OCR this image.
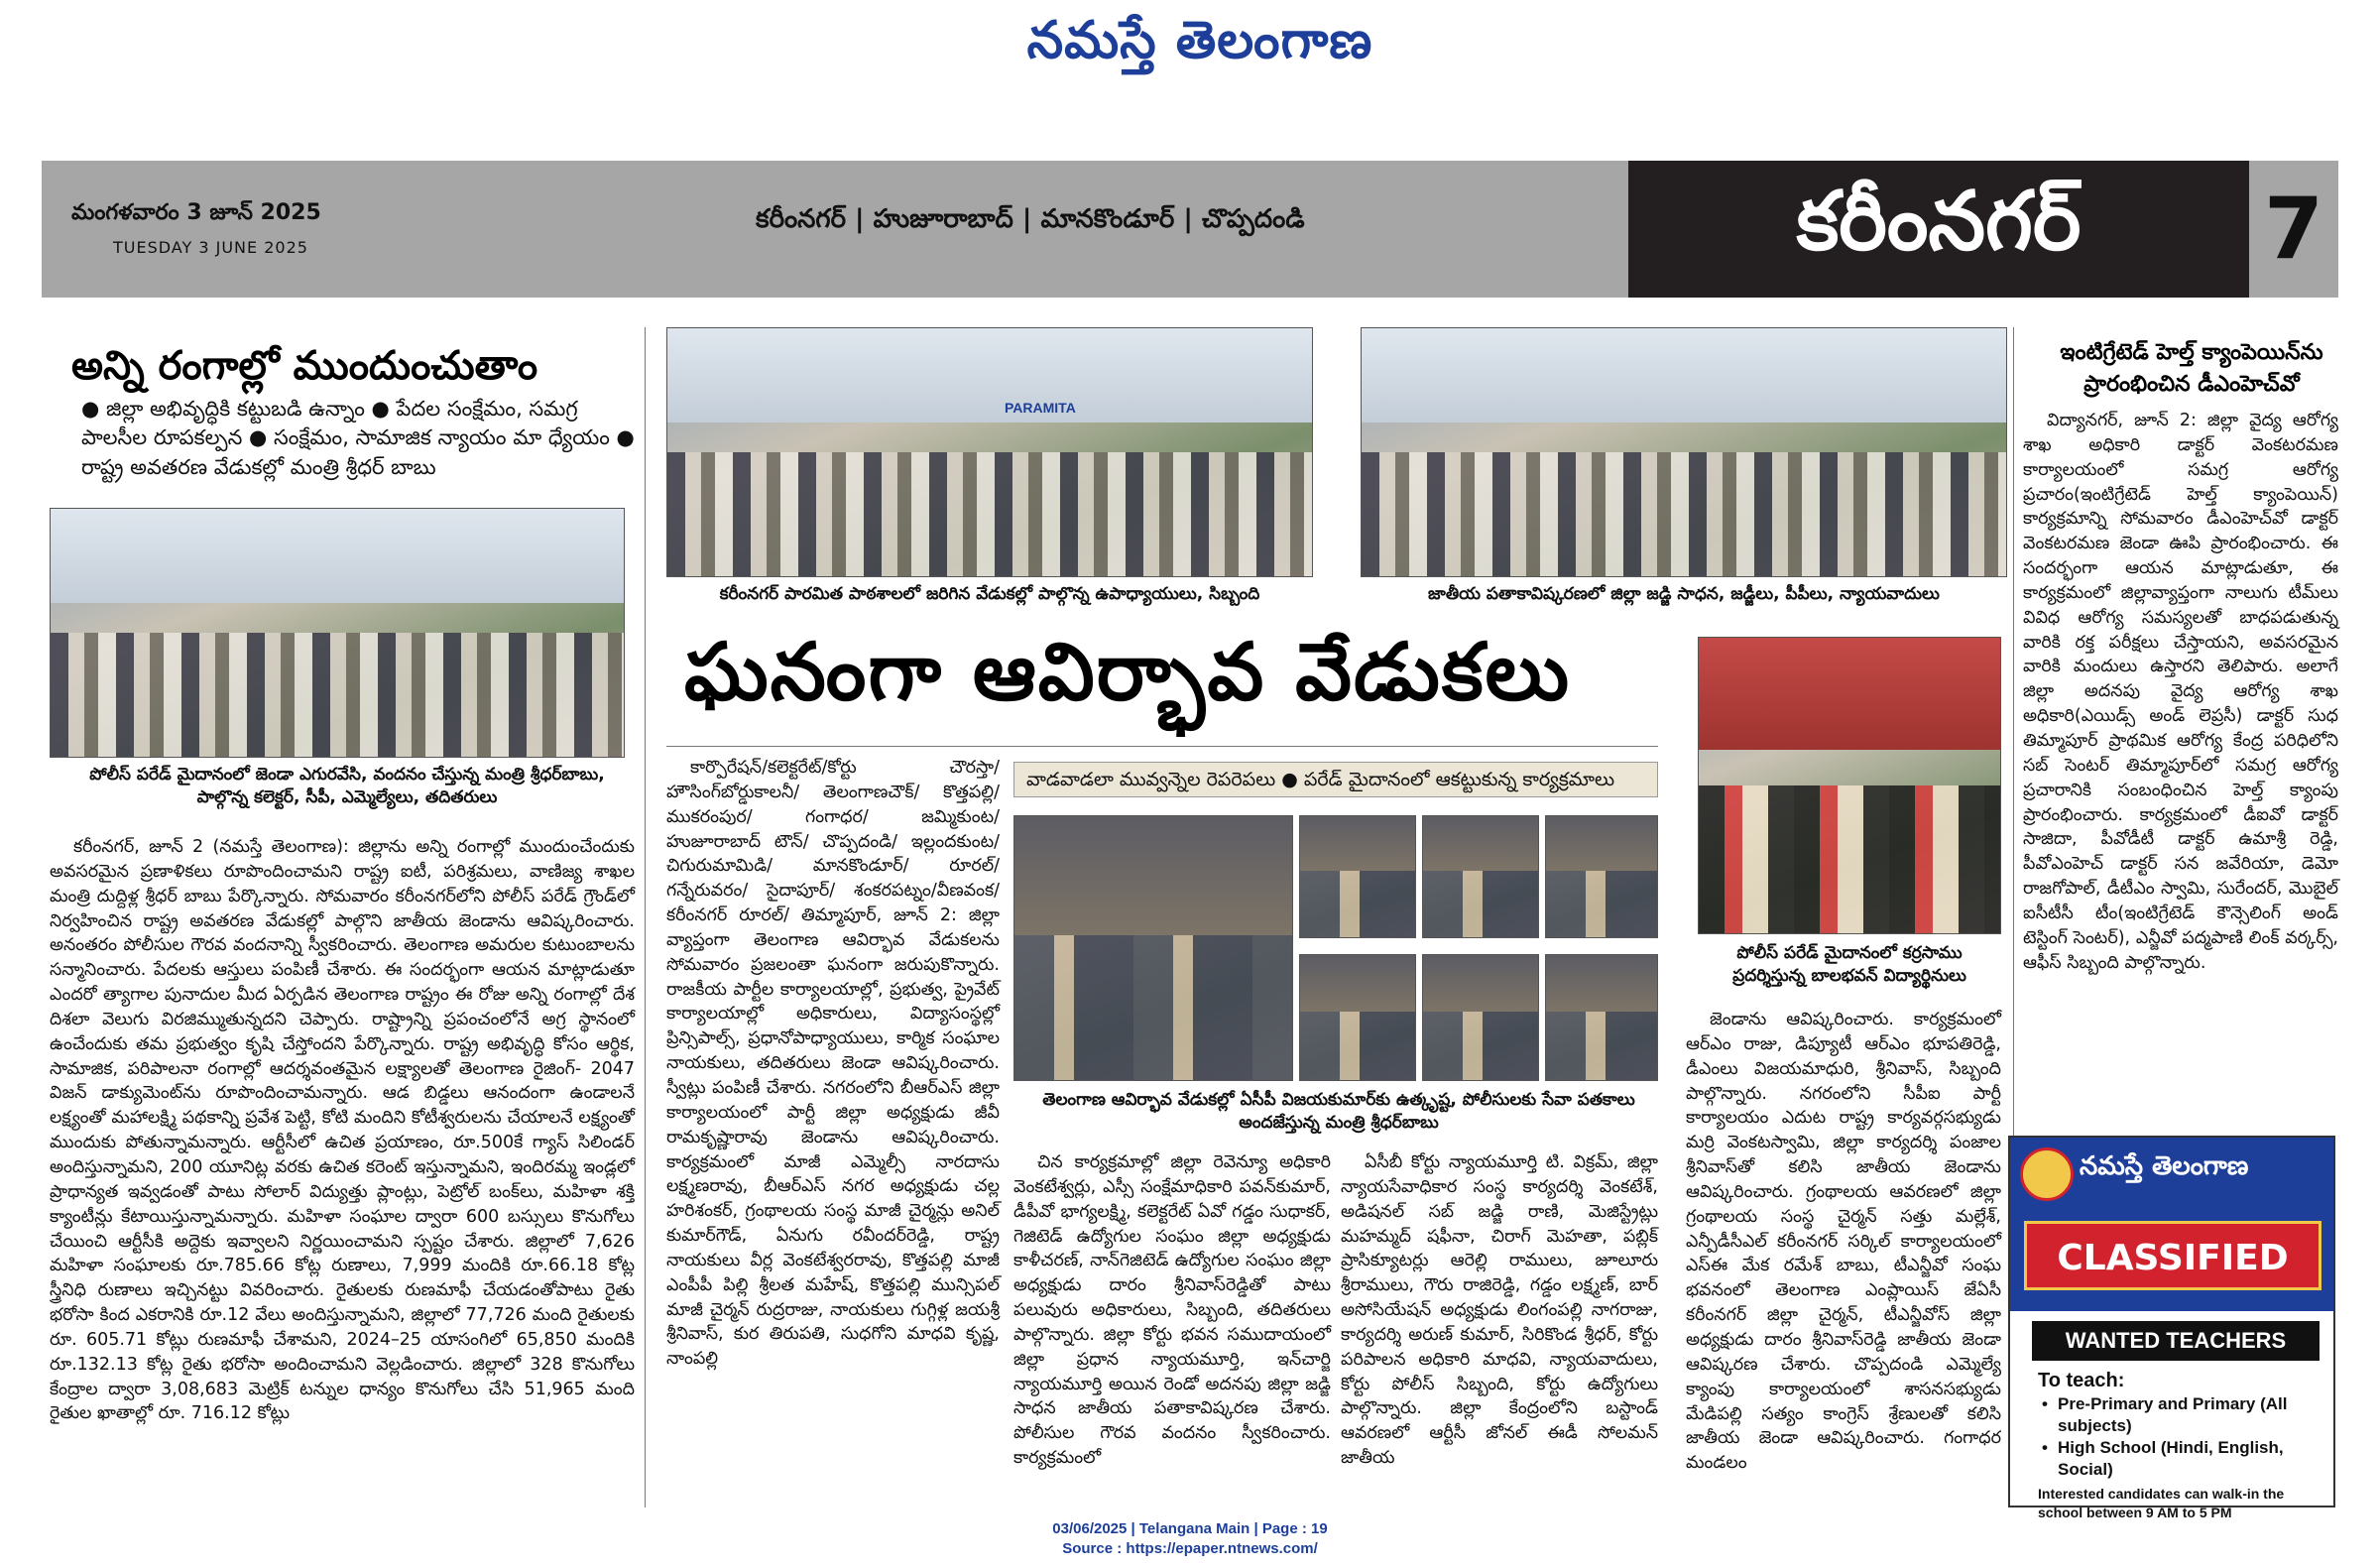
నమస్తే తెలంగాణ
మంగళవారం 3 జూన్ 2025
TUESDAY 3 JUNE 2025
కరీంనగర్ | హుజూరాబాద్ | మానకొండూర్ | చొప్పదండి	కరీంనగర్	7
అన్ని రంగాల్లో ముందుంచుతాం
● జిల్లా అభివృద్ధికి కట్టుబడి ఉన్నాం ● పేదల సంక్షేమం, సమగ్ర పాలసీల రూపకల్పన ● సంక్షేమం, సామాజిక న్యాయం మా ధ్యేయం ● రాష్ట్ర అవతరణ వేడుకల్లో మంత్రి శ్రీధర్ బాబు
పోలీస్ పరేడ్ మైదానంలో జెండా ఎగురవేసి, వందనం చేస్తున్న మంత్రి శ్రీధర్‌బాబు, పాల్గొన్న కలెక్టర్, సీపీ, ఎమ్మెల్యేలు, తదితరులు

కరీంనగర్, జూన్ 2 (నమస్తే తెలంగాణ): జిల్లాను అన్ని రంగాల్లో ముందుంచేందుకు అవసరమైన ప్రణాళికలు రూపొందించామని రాష్ట్ర ఐటీ, పరిశ్రమలు, వాణిజ్య శాఖల మంత్రి దుద్దిళ్ల శ్రీధర్ బాబు పేర్కొన్నారు. సోమవారం కరీంనగర్‌లోని పోలీస్ పరేడ్ గ్రౌండ్‌లో నిర్వహించిన రాష్ట్ర అవతరణ వేడుకల్లో పాల్గొని జాతీయ జెండాను ఆవిష్కరించారు. అనంతరం పోలీసుల గౌరవ వందనాన్ని స్వీకరించారు. తెలంగాణ అమరుల కుటుంబాలను సన్మానించారు. పేదలకు ఆస్తులు పంపిణీ చేశారు. ఈ సందర్భంగా ఆయన మాట్లాడుతూ ఎందరో త్యాగాల పునాదుల మీద ఏర్పడిన తెలంగాణ రాష్ట్రం ఈ రోజు అన్ని రంగాల్లో దేశ దిశలా వెలుగు విరజిమ్ముతున్నదని చెప్పారు. రాష్ట్రాన్ని ప్రపంచంలోనే అగ్ర స్థానంలో ఉంచేందుకు తమ ప్రభుత్వం కృషి చేస్తోందని పేర్కొన్నారు. రాష్ట్ర అభివృద్ధి కోసం ఆర్థిక, సామాజిక, పరిపాలనా రంగాల్లో ఆదర్శవంతమైన లక్ష్యాలతో తెలంగాణ రైజింగ్- 2047 విజన్ డాక్యుమెంట్‌ను రూపొందించామన్నారు. ఆడ బిడ్డలు ఆనందంగా ఉండాలనే లక్ష్యంతో మహాలక్ష్మి పథకాన్ని ప్రవేశ పెట్టి, కోటి మందిని కోటీశ్వరులను చేయాలనే లక్ష్యంతో ముందుకు పోతున్నామన్నారు. ఆర్టీసీలో ఉచిత ప్రయాణం, రూ.500కే గ్యాస్ సిలిండర్ అందిస్తున్నామని, 200 యూనిట్ల వరకు ఉచిత కరెంట్ ఇస్తున్నామని, ఇందిరమ్మ ఇండ్లలో ప్రాధాన్యత ఇవ్వడంతో పాటు సోలార్ విద్యుత్తు ప్లాంట్లు, పెట్రోల్ బంక్‌లు, మహిళా శక్తి క్యాంటీన్లు కేటాయిస్తున్నామన్నారు. మహిళా సంఘాల ద్వారా 600 బస్సులు కొనుగోలు చేయించి ఆర్టీసీకి అద్దెకు ఇవ్వాలని నిర్ణయించామని స్పష్టం చేశారు. జిల్లాలో 7,626 మహిళా సంఘాలకు రూ.785.66 కోట్ల రుణాలు, 7,999 మందికి రూ.66.18 కోట్ల స్త్రీనిధి రుణాలు ఇచ్చినట్టు వివరించారు. రైతులకు రుణమాఫీ చేయడంతోపాటు రైతు భరోసా కింద ఎకరానికి రూ.12 వేలు అందిస్తున్నామని, జిల్లాలో 77,726 మంది రైతులకు రూ. 605.71 కోట్లు రుణమాఫీ చేశామని, 2024–25 యాసంగిలో 65,850 మందికి రూ.132.13 కోట్ల రైతు భరోసా అందించామని వెల్లడించారు. జిల్లాలో 328 కొనుగోలు కేంద్రాల ద్వారా 3,08,683 మెట్రిక్ టన్నుల ధాన్యం కొనుగోలు చేసి 51,965 మంది రైతుల ఖాతాల్లో రూ. 716.12 కోట్లు

PARAMITA
కరీంనగర్ పారమిత పాఠశాలలో జరిగిన వేడుకల్లో పాల్గొన్న ఉపాధ్యాయులు, సిబ్బంది	జాతీయ పతాకావిష్కరణలో జిల్లా జడ్జి సాధన, జడ్జీలు, పీపీలు, న్యాయవాదులు
ఘనంగా ఆవిర్భావ వేడుకలు

కార్పొరేషన్/కలెక్టరేట్/కోర్టు చౌరస్తా/ హౌసింగ్‌బోర్డుకాలనీ/ తెలంగాణచౌక్/ కొత్తపల్లి/ ముకరంపుర/ గంగాధర/ జమ్మికుంట/ హుజూరాబాద్ టౌన్/ చొప్పదండి/ ఇల్లందకుంట/ చిగురుమామిడి/ మానకొండూర్/ రూరల్/ గన్నేరువరం/ సైదాపూర్/ శంకరపట్నం/వీణవంక/కరీంనగర్ రూరల్/ తిమ్మాపూర్, జూన్ 2: జిల్లా వ్యాప్తంగా తెలంగాణ ఆవిర్భావ వేడుకలను సోమవారం ప్రజలంతా ఘనంగా జరుపుకొన్నారు. రాజకీయ పార్టీల కార్యాలయాల్లో, ప్రభుత్వ, ప్రైవేట్ కార్యాలయాల్లో అధికారులు, విద్యాసంస్థల్లో ప్రిన్సిపాల్స్, ప్రధానోపాధ్యాయులు, కార్మిక సంఘాల నాయకులు, తదితరులు జెండా ఆవిష్కరించారు. స్వీట్లు పంపిణీ చేశారు. నగరంలోని బీఆర్ఎస్ జిల్లా కార్యాలయంలో పార్టీ జిల్లా అధ్యక్షుడు జీవీ రామకృష్ణారావు జెండాను ఆవిష్కరించారు. కార్యక్రమంలో మాజీ ఎమ్మెల్సీ నారదాసు లక్ష్మణరావు, బీఆర్ఎస్ నగర అధ్యక్షుడు చల్ల హరిశంకర్, గ్రంథాలయ సంస్థ మాజీ చైర్మన్లు అనిల్ కుమార్‌గౌడ్, ఏనుగు రవీందర్‌రెడ్డి, రాష్ట్ర నాయకులు వీర్ల వెంకటేశ్వరరావు, కొత్తపల్లి మాజీ ఎంపీపీ పిల్లి శ్రీలత మహేష్, కొత్తపల్లి మున్సిపల్ మాజీ చైర్మన్ రుద్రరాజు, నాయకులు గుగ్గిళ్ల జయశ్రీ శ్రీనివాస్, కుర తిరుపతి, సుధగోని మాధవి కృష్ణ, నాంపల్లి

వాడవాడలా మువ్వన్నెల రెపరెపలు ● పరేడ్ మైదానంలో ఆకట్టుకున్న కార్యక్రమాలు
తెలంగాణ ఆవిర్భావ వేడుకల్లో ఏసీపీ విజయకుమార్‌కు ఉత్కృష్ట, పోలీసులకు సేవా పతకాలు అందజేస్తున్న మంత్రి శ్రీధర్‌బాబు

చిన కార్యక్రమాల్లో జిల్లా రెవెన్యూ అధికారి వెంకటేశ్వర్లు, ఎస్సీ సంక్షేమాధికారి పవన్‌కుమార్, డీపీవో భాగ్యలక్ష్మి, కలెక్టరేట్ ఏవో గడ్డం సుధాకర్, గెజిటెడ్ ఉద్యోగుల సంఘం జిల్లా అధ్యక్షుడు కాళీచరణ్, నాన్‌గెజిటెడ్ ఉద్యోగుల సంఘం జిల్లా అధ్యక్షుడు దారం శ్రీనివాస్‌రెడ్డితో పాటు పలువురు అధికారులు, సిబ్బంది, తదితరులు పాల్గొన్నారు. జిల్లా కోర్టు భవన సముదాయంలో జిల్లా ప్రధాన న్యాయమూర్తి, ఇన్‌చార్జి న్యాయమూర్తి అయిన రెండో అదనపు జిల్లా జడ్జి సాధన జాతీయ పతాకావిష్కరణ చేశారు. పోలీసుల గౌరవ వందనం స్వీకరించారు. కార్యక్రమంలో

ఏసీబీ కోర్టు న్యాయమూర్తి టి. విక్రమ్, జిల్లా న్యాయసేవాధికార సంస్థ కార్యదర్శి వెంకటేశ్, అడిషనల్ సబ్ జడ్జి రాణి, మెజిస్ట్రేట్లు మహమ్మద్ షఫీనా, చిరాగ్ మెహతా, పబ్లిక్ ప్రాసిక్యూటర్లు ఆరెల్లి రాములు, జూలూరు శ్రీరాములు, గౌరు రాజిరెడ్డి, గడ్డం లక్ష్మణ్, బార్ అసోసియేషన్ అధ్యక్షుడు లింగంపల్లి నాగరాజు, కార్యదర్శి అరుణ్ కుమార్, సిరికొండ శ్రీధర్, కోర్టు పరిపాలన అధికారి మాధవి, న్యాయవాదులు, కోర్టు పోలీస్ సిబ్బంది, కోర్టు ఉద్యోగులు పాల్గొన్నారు. జిల్లా కేంద్రంలోని బస్టాండ్ ఆవరణలో ఆర్టీసీ జోనల్ ఈడీ సోలమన్ జాతీయ

పోలీస్ పరేడ్ మైదానంలో కర్రసాము ప్రదర్శిస్తున్న బాలభవన్ విద్యార్థినులు

జెండాను ఆవిష్కరించారు. కార్యక్రమంలో ఆర్ఎం రాజు, డిప్యూటీ ఆర్ఎం భూపతిరెడ్డి, డీఎంలు విజయమాధురి, శ్రీనివాస్, సిబ్బంది పాల్గొన్నారు. నగరంలోని సీపీఐ పార్టీ కార్యాలయం ఎదుట రాష్ట్ర కార్యవర్గసభ్యుడు మర్రి వెంకటస్వామి, జిల్లా కార్యదర్శి పంజాల శ్రీనివాస్‌తో కలిసి జాతీయ జెండాను ఆవిష్కరించారు. గ్రంథాలయ ఆవరణలో జిల్లా గ్రంథాలయ సంస్థ చైర్మన్ సత్తు మల్లేశ్, ఎన్పీడీసీఎల్ కరీంనగర్ సర్కిల్ కార్యాలయంలో ఎస్ఈ మేక రమేశ్ బాబు, టీఎన్జీవో సంఘ భవనంలో తెలంగాణ ఎంప్లాయిస్ జేఏసీ కరీంనగర్ జిల్లా చైర్మన్, టీఎన్జీవోస్ జిల్లా అధ్యక్షుడు దారం శ్రీనివాస్‌రెడ్డి జాతీయ జెండా ఆవిష్కరణ చేశారు. చొప్పదండి ఎమ్మెల్యే క్యాంపు కార్యాలయంలో శాసనసభ్యుడు మేడిపల్లి సత్యం కాంగ్రెస్ శ్రేణులతో కలిసి జాతీయ జెండా ఆవిష్కరించారు. గంగాధర మండలం

ఇంటిగ్రేటెడ్ హెల్త్ క్యాంపెయిన్‌ను ప్రారంభించిన డీఎంహెచ్‌వో

విద్యానగర్, జూన్ 2: జిల్లా వైద్య ఆరోగ్య శాఖ అధికారి డాక్టర్ వెంకటరమణ కార్యాలయంలో సమగ్ర ఆరోగ్య ప్రచారం(ఇంటిగ్రేటెడ్ హెల్త్ క్యాంపెయిన్) కార్యక్రమాన్ని సోమవారం డీఎంహెచ్‌వో డాక్టర్ వెంకటరమణ జెండా ఊపి ప్రారంభించారు. ఈ సందర్భంగా ఆయన మాట్లాడుతూ, ఈ కార్యక్రమంలో జిల్లావ్యాప్తంగా నాలుగు టీమ్‌లు వివిధ ఆరోగ్య సమస్యలతో బాధపడుతున్న వారికి రక్త పరీక్షలు చేస్తాయని, అవసరమైన వారికి మందులు ఉస్తారని తెలిపారు. అలాగే జిల్లా అదనపు వైద్య ఆరోగ్య శాఖ అధికారి(ఎయిడ్స్ అండ్ లెప్రసీ) డాక్టర్ సుధ తిమ్మాపూర్ ప్రాథమిక ఆరోగ్య కేంద్ర పరిధిలోని సబ్ సెంటర్ తిమ్మాపూర్‌లో సమగ్ర ఆరోగ్య ప్రచారానికి సంబంధించిన హెల్త్ క్యాంపు ప్రారంభించారు. కార్యక్రమంలో డీఐవో డాక్టర్ సాజిదా, పీవోడీటీ డాక్టర్ ఉమాశ్రీ రెడ్డి, పీవోఎంహెచ్ డాక్టర్ సన జవేరియా, డెమో రాజగోపాల్, డీటీఎం స్వామి, సురేందర్, మొబైల్ ఐసీటీసీ టీం(ఇంటిగ్రేటెడ్ కౌన్సెలింగ్ అండ్ టెస్టింగ్ సెంటర్), ఎన్జీవో పద్మపాణి లింక్ వర్కర్స్, ఆఫీస్ సిబ్బంది పాల్గొన్నారు.

నమస్తే తెలంగాణ
CLASSIFIED
WANTED TEACHERS
To teach:
• Pre-Primary and Primary (All subjects)
• High School (Hindi, English, Social)
Interested candidates can walk-in the school between 9 AM to 5 PM
03/06/2025 | Telangana Main | Page : 19
Source : https://epaper.ntnews.com/
